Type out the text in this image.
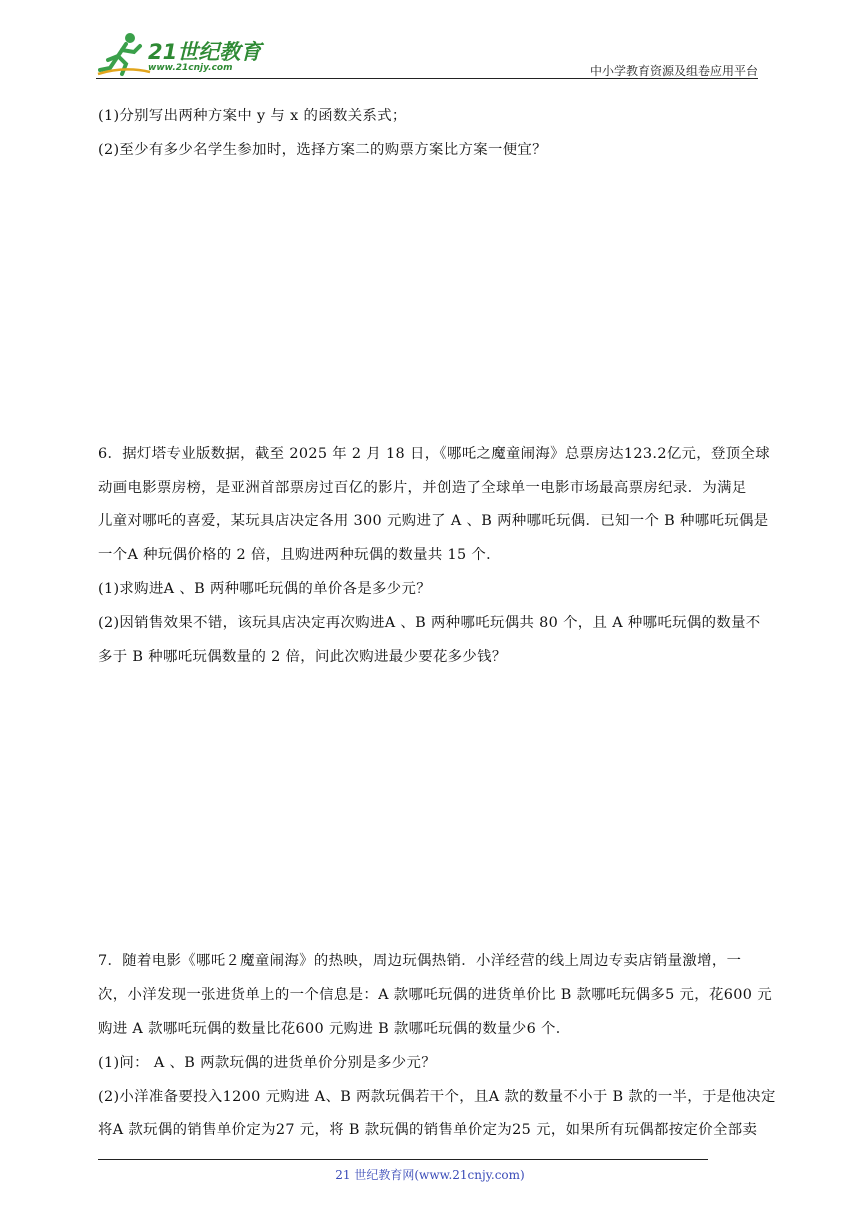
21世纪教育
www.21cnjy.com	中小学教育资源及组卷应用平台
(1)分别写出两种方案中 y 与 x 的函数关系式；
(2)至少有多少名学生参加时，选择方案二的购票方案比方案一便宜？
6．据灯塔专业版数据，截至 2025 年 2 月 18 日，《哪吒之魔童闹海》总票房达123.2亿元，登顶全球
动画电影票房榜，是亚洲首部票房过百亿的影片，并创造了全球单一电影市场最高票房纪录．为满足
儿童对哪吒的喜爱，某玩具店决定各用 300 元购进了 A 、B 两种哪吒玩偶．已知一个 B 种哪吒玩偶是
一个A 种玩偶价格的 2 倍，且购进两种玩偶的数量共 15 个．
(1)求购进A 、B 两种哪吒玩偶的单价各是多少元？
(2)因销售效果不错，该玩具店决定再次购进A 、B 两种哪吒玩偶共 80 个，且 A 种哪吒玩偶的数量不
多于 B 种哪吒玩偶数量的 2 倍，问此次购进最少要花多少钱？
7．随着电影《哪吒２魔童闹海》的热映，周边玩偶热销．小洋经营的线上周边专卖店销量激增，一
次，小洋发现一张进货单上的一个信息是：A 款哪吒玩偶的进货单价比 B 款哪吒玩偶多5 元，花600 元
购进 A 款哪吒玩偶的数量比花600 元购进 B 款哪吒玩偶的数量少6 个．
(1)问： A 、B 两款玩偶的进货单价分别是多少元？
(2)小洋准备要投入1200 元购进 A、B 两款玩偶若干个，且A 款的数量不小于 B 款的一半，于是他决定
将A 款玩偶的销售单价定为27 元，将 B 款玩偶的销售单价定为25 元，如果所有玩偶都按定价全部卖
21 世纪教育网(www.21cnjy.com)
